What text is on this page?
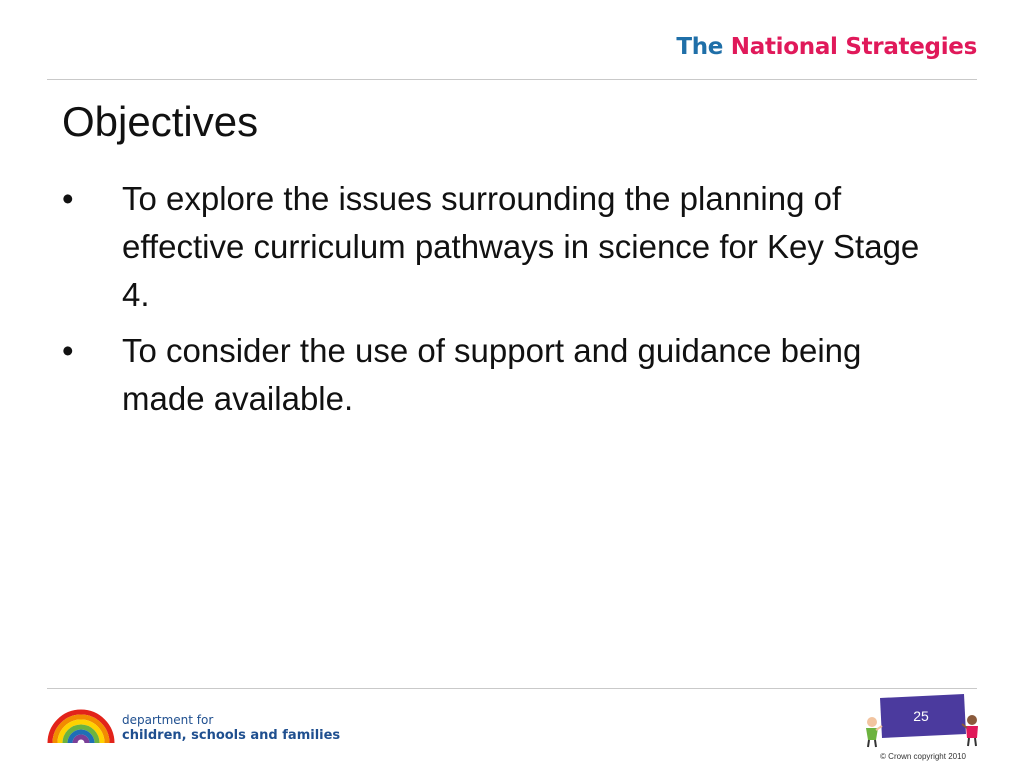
The National Strategies
Objectives
•	To explore the issues surrounding the planning of effective curriculum pathways in science for Key Stage 4.
•	To consider the use of support and guidance being made available.
department for
children, schools and families
25
© Crown copyright 2010
